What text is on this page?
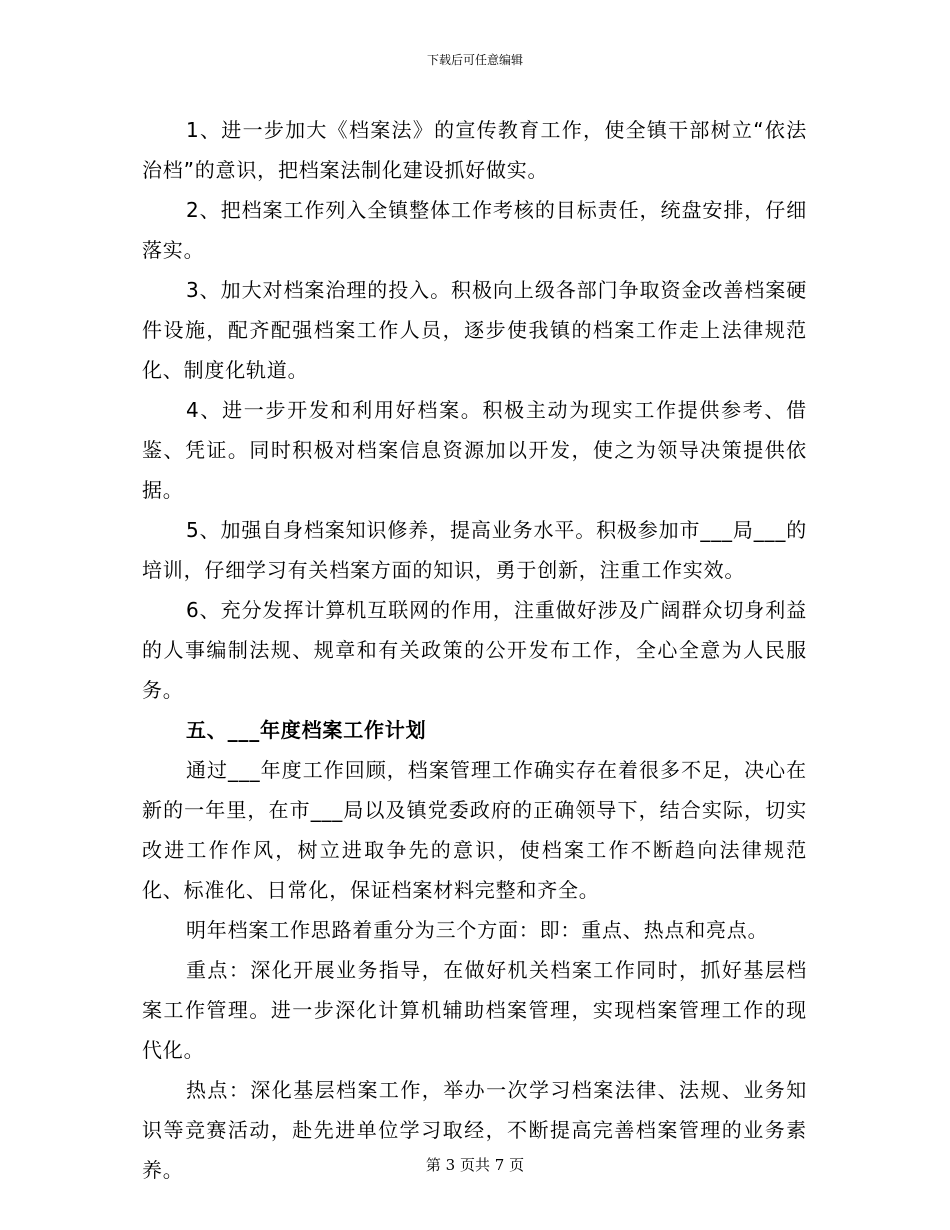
下载后可任意编辑

1、进一步加大《档案法》的宣传教育工作，使全镇干部树立“依法治档”的意识，把档案法制化建设抓好做实。

2、把档案工作列入全镇整体工作考核的目标责任，统盘安排，仔细落实。

3、加大对档案治理的投入。积极向上级各部门争取资金改善档案硬件设施，配齐配强档案工作人员，逐步使我镇的档案工作走上法律规范化、制度化轨道。

4、进一步开发和利用好档案。积极主动为现实工作提供参考、借鉴、凭证。同时积极对档案信息资源加以开发，使之为领导决策提供依据。

5、加强自身档案知识修养，提高业务水平。积极参加市___局___的培训，仔细学习有关档案方面的知识，勇于创新，注重工作实效。

6、充分发挥计算机互联网的作用，注重做好涉及广阔群众切身利益的人事编制法规、规章和有关政策的公开发布工作，全心全意为人民服务。

五、___年度档案工作计划

通过___年度工作回顾，档案管理工作确实存在着很多不足，决心在新的一年里，在市___局以及镇党委政府的正确领导下，结合实际，切实改进工作作风，树立进取争先的意识，使档案工作不断趋向法律规范化、标准化、日常化，保证档案材料完整和齐全。

明年档案工作思路着重分为三个方面：即：重点、热点和亮点。

重点：深化开展业务指导，在做好机关档案工作同时，抓好基层档案工作管理。进一步深化计算机辅助档案管理，实现档案管理工作的现代化。

热点：深化基层档案工作，举办一次学习档案法律、法规、业务知识等竞赛活动，赴先进单位学习取经，不断提高完善档案管理的业务素养。	第 3 页共 7 页
